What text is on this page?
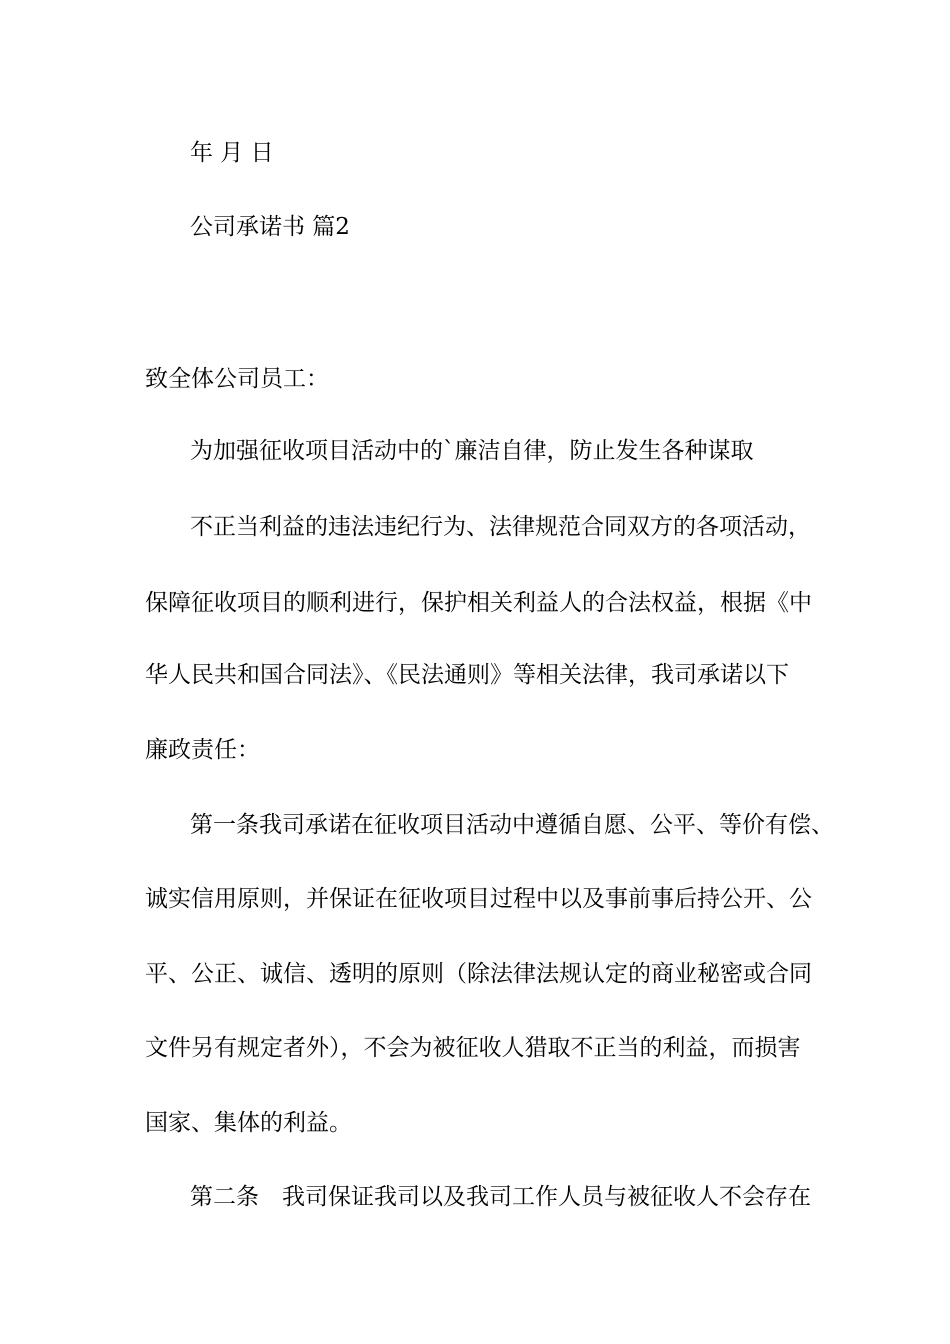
年 月 日
公司承诺书 篇2
致全体公司员工：
为加强征收项目活动中的`廉洁自律，防止发生各种谋取
不正当利益的违法违纪行为、法律规范合同双方的各项活动，
保障征收项目的顺利进行，保护相关利益人的合法权益，根据《中
华人民共和国合同法》、《民法通则》等相关法律，我司承诺以下
廉政责任：
第一条我司承诺在征收项目活动中遵循自愿、公平、等价有偿、
诚实信用原则，并保证在征收项目过程中以及事前事后持公开、公
平、公正、诚信、透明的原则（除法律法规认定的商业秘密或合同
文件另有规定者外），不会为被征收人猎取不正当的利益，而损害
国家、集体的利益。
第二条　我司保证我司以及我司工作人员与被征收人不会存在
